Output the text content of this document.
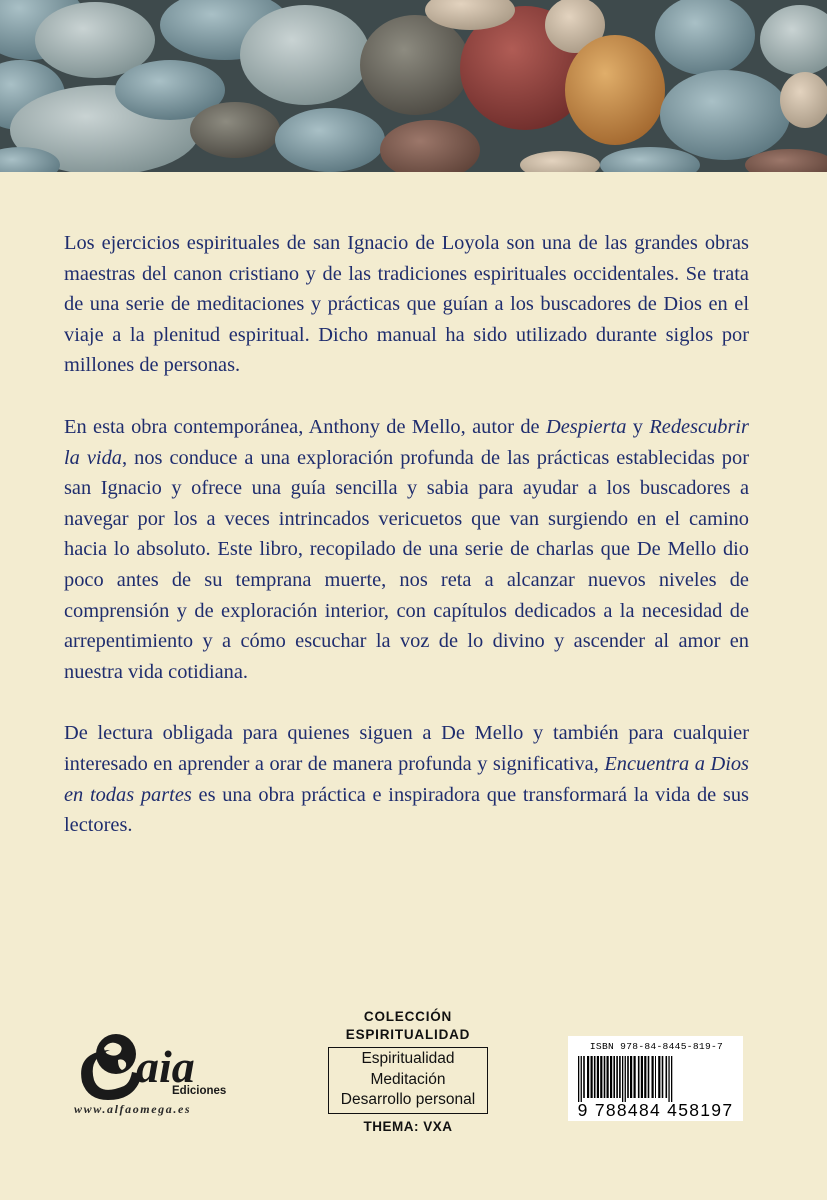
Los ejercicios espirituales de san Ignacio de Loyola son una de las grandes obras maestras del canon cristiano y de las tradiciones espirituales occidentales. Se trata de una serie de meditaciones y prácticas que guían a los buscadores de Dios en el viaje a la plenitud espiritual. Dicho manual ha sido utilizado durante siglos por millones de personas.

En esta obra contemporánea, Anthony de Mello, autor de Despierta y Redescubrir la vida, nos conduce a una exploración profunda de las prácticas establecidas por san Ignacio y ofrece una guía sencilla y sabia para ayudar a los buscadores a navegar por los a veces intrincados vericuetos que van surgiendo en el camino hacia lo absoluto. Este libro, recopilado de una serie de charlas que De Mello dio poco antes de su temprana muerte, nos reta a alcanzar nuevos niveles de comprensión y de exploración interior, con capítulos dedicados a la necesidad de arrepentimiento y a cómo escuchar la voz de lo divino y ascender al amor en nuestra vida cotidiana.

De lectura obligada para quienes siguen a De Mello y también para cualquier interesado en aprender a orar de manera profunda y significativa, Encuentra a Dios en todas partes es una obra práctica e inspiradora que transformará la vida de sus lectores.

aia
Ediciones
www.alfaomega.es
COLECCIÓN
ESPIRITUALIDAD
Espiritualidad
Meditación
Desarrollo personal
THEMA: VXA
ISBN 978-84-8445-819-7
9 788484 458197
